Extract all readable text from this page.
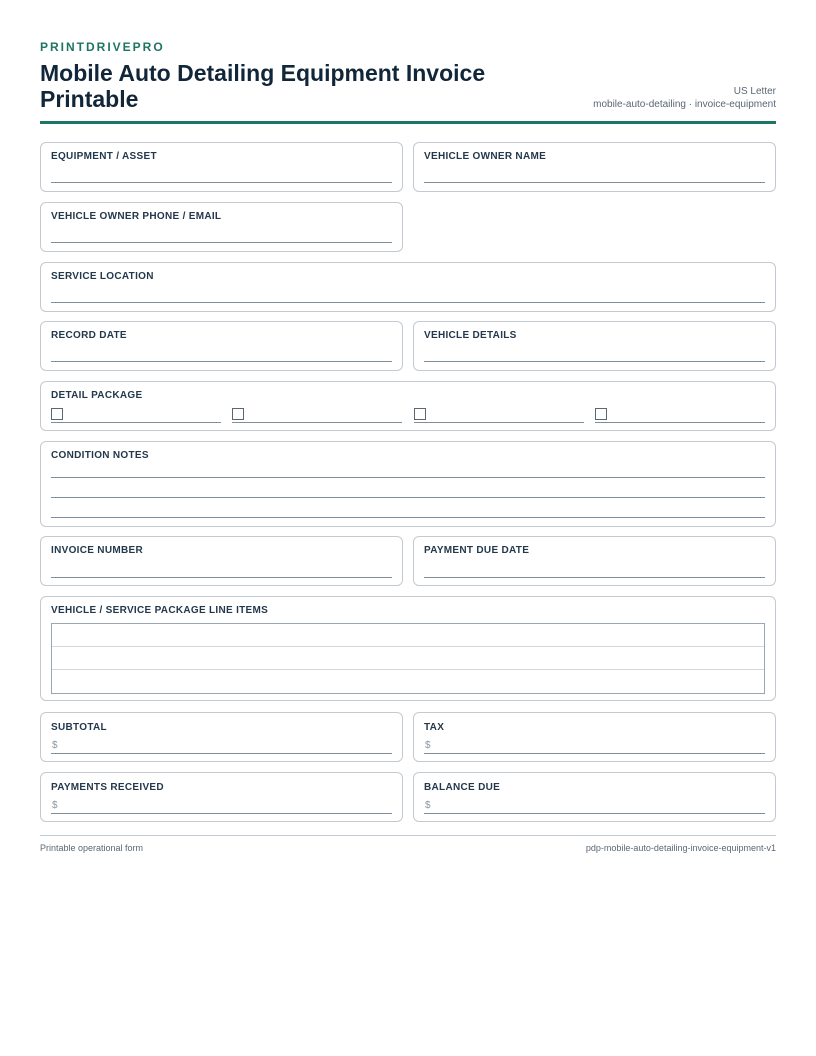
PRINTDRIVEPRO
Mobile Auto Detailing Equipment Invoice Printable	US Letter
mobile-auto-detailing · invoice-equipment
EQUIPMENT / ASSET	VEHICLE OWNER NAME
VEHICLE OWNER PHONE / EMAIL
SERVICE LOCATION
RECORD DATE	VEHICLE DETAILS
DETAIL PACKAGE
CONDITION NOTES
INVOICE NUMBER	PAYMENT DUE DATE
VEHICLE / SERVICE PACKAGE LINE ITEMS
SUBTOTAL
$
TAX
$
PAYMENTS RECEIVED
$
BALANCE DUE
$
Printable operational form	pdp-mobile-auto-detailing-invoice-equipment-v1
